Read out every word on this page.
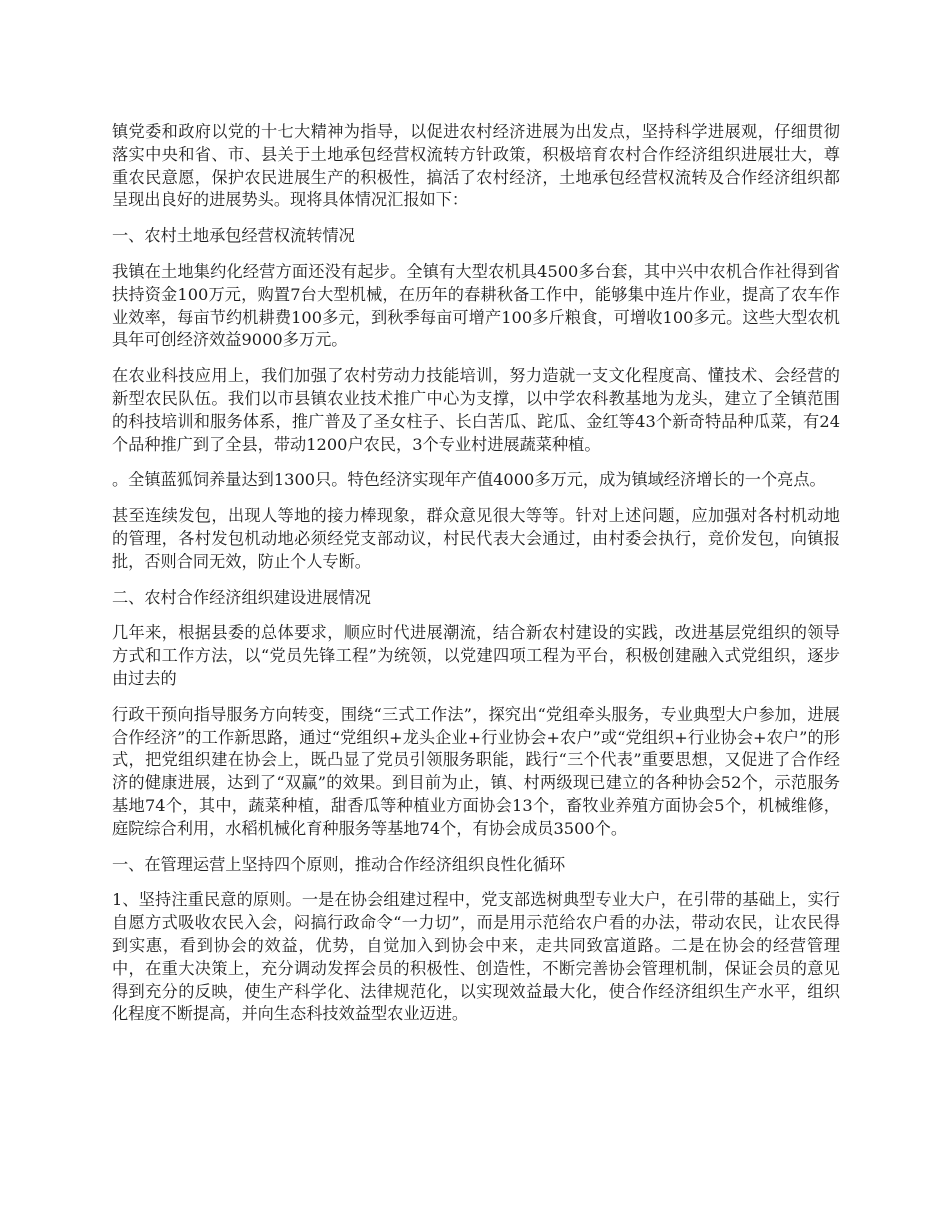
镇党委和政府以党的十七大精神为指导，以促进农村经济进展为出发点，坚持科学进展观，仔细贯彻落实中央和省、市、县关于土地承包经营权流转方针政策，积极培育农村合作经济组织进展壮大，尊重农民意愿，保护农民进展生产的积极性，搞活了农村经济，土地承包经营权流转及合作经济组织都呈现出良好的进展势头。现将具体情况汇报如下：

一、农村土地承包经营权流转情况

我镇在土地集约化经营方面还没有起步。全镇有大型农机具4500多台套，其中兴中农机合作社得到省扶持资金100万元，购置7台大型机械，在历年的春耕秋备工作中，能够集中连片作业，提高了农车作业效率，每亩节约机耕费100多元，到秋季每亩可增产100多斤粮食，可增收100多元。这些大型农机具年可创经济效益9000多万元。

在农业科技应用上，我们加强了农村劳动力技能培训，努力造就一支文化程度高、懂技术、会经营的新型农民队伍。我们以市县镇农业技术推广中心为支撑，以中学农科教基地为龙头，建立了全镇范围的科技培训和服务体系，推广普及了圣女柱子、长白苦瓜、跎瓜、金红等43个新奇特品种瓜菜，有24个品种推广到了全县，带动1200户农民，3个专业村进展蔬菜种植。

。全镇蓝狐饲养量达到1300只。特色经济实现年产值4000多万元，成为镇域经济增长的一个亮点。

甚至连续发包，出现人等地的接力棒现象，群众意见很大等等。针对上述问题，应加强对各村机动地的管理，各村发包机动地必须经党支部动议，村民代表大会通过，由村委会执行，竞价发包，向镇报批，否则合同无效，防止个人专断。

二、农村合作经济组织建设进展情况

几年来，根据县委的总体要求，顺应时代进展潮流，结合新农村建设的实践，改进基层党组织的领导方式和工作方法，以“党员先锋工程”为统领，以党建四项工程为平台，积极创建融入式党组织，逐步由过去的

行政干预向指导服务方向转变，围绕“三式工作法”，探究出“党组牵头服务，专业典型大户参加，进展合作经济”的工作新思路，通过“党组织+龙头企业+行业协会+农户”或“党组织+行业协会+农户”的形式，把党组织建在协会上，既凸显了党员引领服务职能，践行“三个代表”重要思想，又促进了合作经济的健康进展，达到了“双赢”的效果。到目前为止，镇、村两级现已建立的各种协会52个，示范服务基地74个，其中，蔬菜种植，甜香瓜等种植业方面协会13个，畜牧业养殖方面协会5个，机械维修，庭院综合利用，水稻机械化育种服务等基地74个，有协会成员3500个。

一、在管理运营上坚持四个原则，推动合作经济组织良性化循环

1、坚持注重民意的原则。一是在协会组建过程中，党支部选树典型专业大户，在引带的基础上，实行自愿方式吸收农民入会，闷搞行政命令“一力切”，而是用示范给农户看的办法，带动农民，让农民得到实惠，看到协会的效益，优势，自觉加入到协会中来，走共同致富道路。二是在协会的经营管理中，在重大决策上，充分调动发挥会员的积极性、创造性，不断完善协会管理机制，保证会员的意见得到充分的反映，使生产科学化、法律规范化，以实现效益最大化，使合作经济组织生产水平，组织化程度不断提高，并向生态科技效益型农业迈进。
